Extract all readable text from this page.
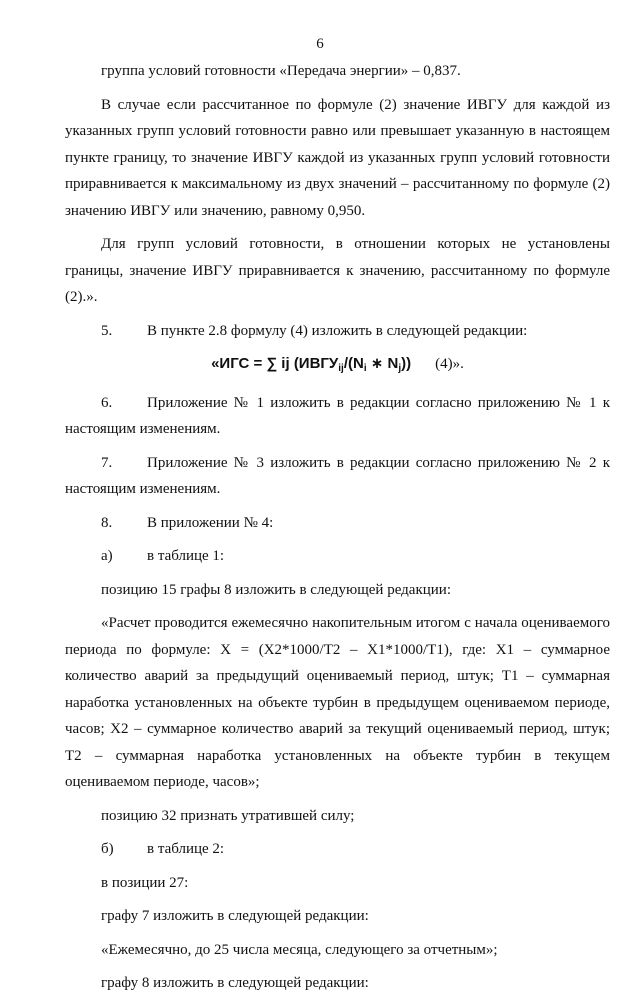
6

группа условий готовности «Передача энергии» – 0,837.

В случае если рассчитанное по формуле (2) значение ИВГУ для каждой из указанных групп условий готовности равно или превышает указанную в настоящем пункте границу, то значение ИВГУ каждой из указанных групп условий готовности приравнивается к максимальному из двух значений – рассчитанному по формуле (2) значению ИВГУ или значению, равному 0,950.

Для групп условий готовности, в отношении которых не установлены границы, значение ИВГУ приравнивается к значению, рассчитанному по формуле (2).».

5. В пункте 2.8 формулу (4) изложить в следующей редакции:

«ИГС = ∑ ij ($ИВГУ_{ij}/(N_i$ ∗ $N_j$)) (4)».

6. Приложение № 1 изложить в редакции согласно приложению № 1 к настоящим изменениям.

7. Приложение № 3 изложить в редакции согласно приложению № 2 к настоящим изменениям.

8. В приложении № 4:

а) в таблице 1:

позицию 15 графы 8 изложить в следующей редакции:

«Расчет проводится ежемесячно накопительным итогом с начала оцениваемого периода по формуле: X = (X2*1000/T2 – X1*1000/T1), где: X1 – суммарное количество аварий за предыдущий оцениваемый период, штук; T1 – суммарная наработка установленных на объекте турбин в предыдущем оцениваемом периоде, часов; X2 – суммарное количество аварий за текущий оцениваемый период, штук; T2 – суммарная наработка установленных на объекте турбин в текущем оцениваемом периоде, часов»;

позицию 32 признать утратившей силу;

б) в таблице 2:

в позиции 27:

графу 7 изложить в следующей редакции:

«Ежемесячно, до 25 числа месяца, следующего за отчетным»;

графу 8 изложить в следующей редакции:
